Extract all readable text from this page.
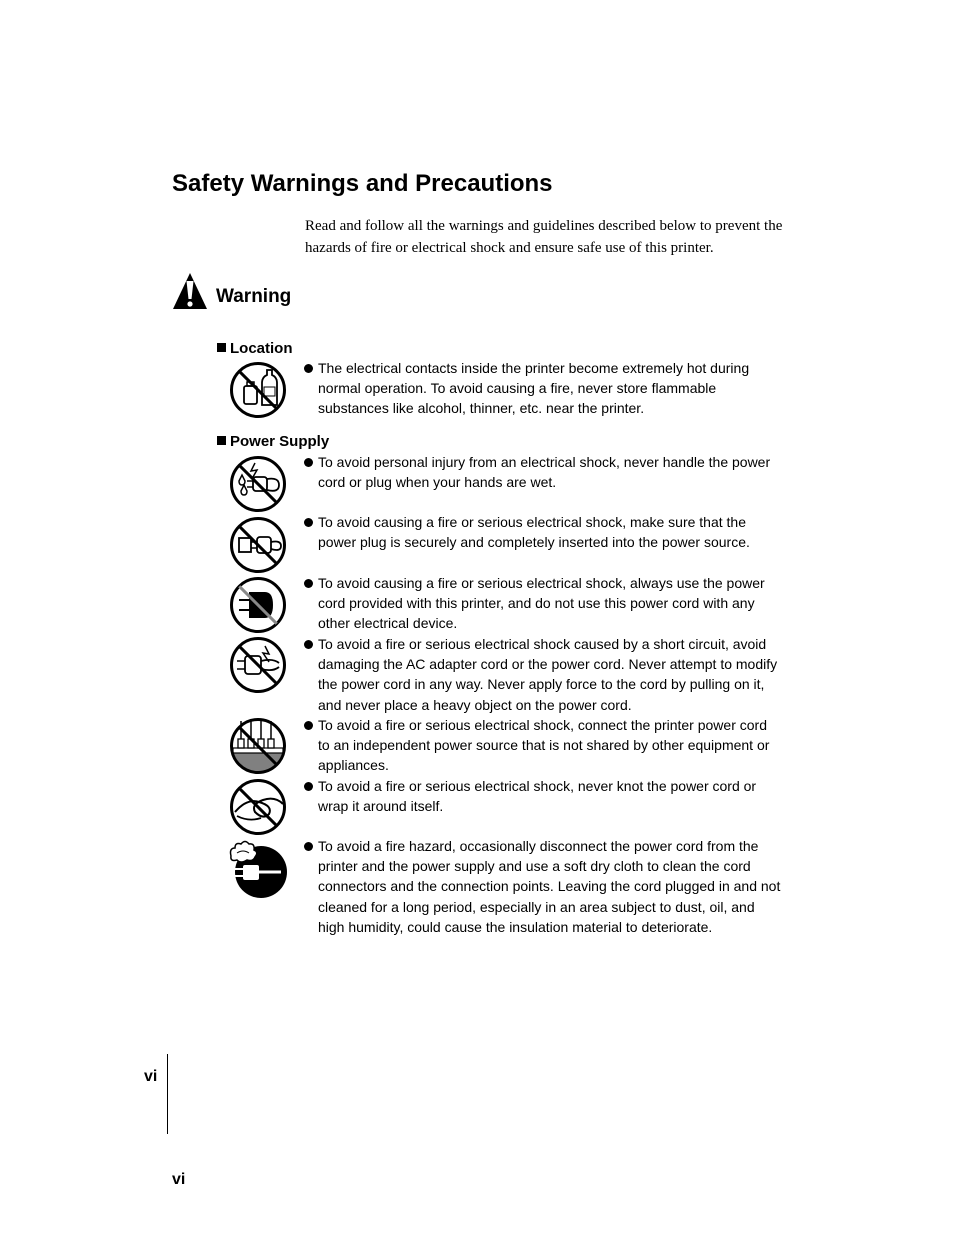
Safety Warnings and Precautions

Read and follow all the warnings and guidelines described below to prevent the hazards of fire or electrical shock and ensure safe use of this printer.

Warning
Location

The electrical contacts inside the printer become extremely hot during normal operation. To avoid causing a fire, never store flammable substances like alcohol, thinner, etc. near the printer.

Power Supply

To avoid personal injury from an electrical shock, never handle the power cord or plug when your hands are wet.

To avoid causing a fire or serious electrical shock, make sure that the power plug is securely and completely inserted into the power source.

To avoid causing a fire or serious electrical shock, always use the power cord provided with this printer, and do not use this power cord with any other electrical device.

To avoid a fire or serious electrical shock caused by a short circuit, avoid damaging the AC adapter cord or the power cord. Never attempt to modify the power cord in any way. Never apply force to the cord by pulling on it, and never place a heavy object on the power cord.

To avoid a fire or serious electrical shock, connect the printer power cord to an independent power source that is not shared by other equipment or appliances.

To avoid a fire or serious electrical shock, never knot the power cord or wrap it around itself.

To avoid a fire hazard, occasionally disconnect the power cord from the printer and the power supply and use a soft dry cloth to clean the cord connectors and the connection points. Leaving the cord plugged in and not cleaned for a long period, especially in an area subject to dust, oil, and high humidity, could cause the insulation material to deteriorate.

vi

vi
